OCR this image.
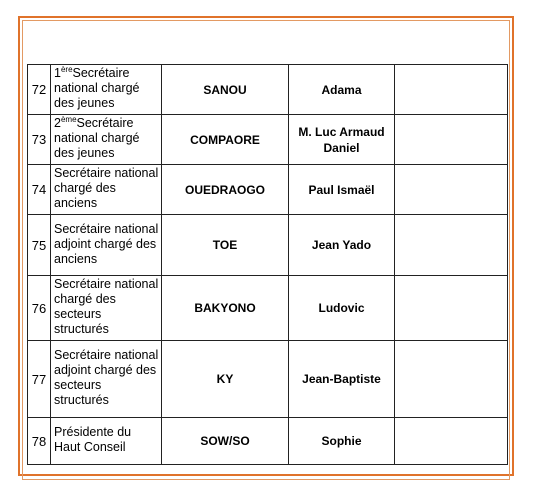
72	1èreSecrétaire national chargé des jeunes	SANOU	Adama	
73	2èmeSecrétaire national chargé des jeunes	COMPAORE	M. Luc Armaud Daniel	
74	Secrétaire national chargé des anciens	OUEDRAOGO	Paul Ismaël	
75	Secrétaire national adjoint chargé des anciens	TOE	Jean Yado	
76	Secrétaire national chargé des secteurs structurés	BAKYONO	Ludovic	
77	Secrétaire national adjoint chargé des secteurs structurés	KY	Jean-Baptiste	
78	Présidente du Haut Conseil	SOW/SO	Sophie	
